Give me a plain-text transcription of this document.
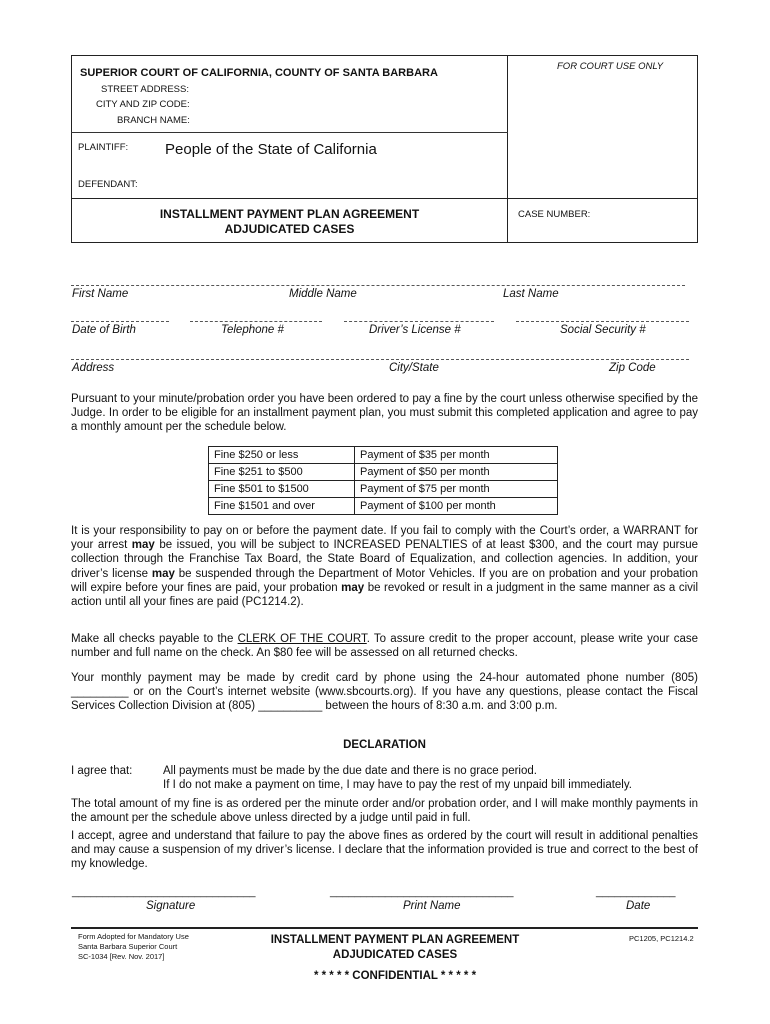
FOR COURT USE ONLY
SUPERIOR COURT OF CALIFORNIA, COUNTY OF SANTA BARBARA
STREET ADDRESS:
CITY AND ZIP CODE:
BRANCH NAME:
PLAINTIFF: People of the State of California
DEFENDANT:
INSTALLMENT PAYMENT PLAN AGREEMENT
ADJUDICATED CASES
CASE NUMBER:
First Name	Middle Name	Last Name
Date of Birth	Telephone #	Driver’s License #	Social Security #
Address	City/State	Zip Code
Pursuant to your minute/probation order you have been ordered to pay a fine by the court unless otherwise specified by the Judge. In order to be eligible for an installment payment plan, you must submit this completed application and agree to pay a monthly amount per the schedule below.
Fine $250 or less	Payment of $35 per month
Fine $251 to $500	Payment of $50 per month
Fine $501 to $1500	Payment of $75 per month
Fine $1501 and over	Payment of $100 per month
It is your responsibility to pay on or before the payment date. If you fail to comply with the Court’s order, a WARRANT for your arrest may be issued, you will be subject to INCREASED PENALTIES of at least $300, and the court may pursue collection through the Franchise Tax Board, the State Board of Equalization, and collection agencies. In addition, your driver’s license may be suspended through the Department of Motor Vehicles. If you are on probation and your probation will expire before your fines are paid, your probation may be revoked or result in a judgment in the same manner as a civil action until all your fines are paid (PC1214.2).
Make all checks payable to the CLERK OF THE COURT. To assure credit to the proper account, please write your case number and full name on the check. An $80 fee will be assessed on all returned checks.
Your monthly payment may be made by credit card by phone using the 24-hour automated phone number (805) _________ or on the Court’s internet website (www.sbcourts.org). If you have any questions, please contact the Fiscal Services Collection Division at (805) __________ between the hours of 8:30 a.m. and 3:00 p.m.
DECLARATION
I agree that:	All payments must be made by the due date and there is no grace period.
If I do not make a payment on time, I may have to pay the rest of my unpaid bill immediately.
The total amount of my fine is as ordered per the minute order and/or probation order, and I will make monthly payments in the amount per the schedule above unless directed by a judge until paid in full.
I accept, agree and understand that failure to pay the above fines as ordered by the court will result in additional penalties and may cause a suspension of my driver’s license. I declare that the information provided is true and correct to the best of my knowledge.
______________________________	______________________________	_____________
Signature	Print Name	Date
Form Adopted for Mandatory Use
Santa Barbara Superior Court
SC-1034 [Rev. Nov. 2017]
INSTALLMENT PAYMENT PLAN AGREEMENT
ADJUDICATED CASES
PC1205, PC1214.2
* * * * * CONFIDENTIAL * * * * *
